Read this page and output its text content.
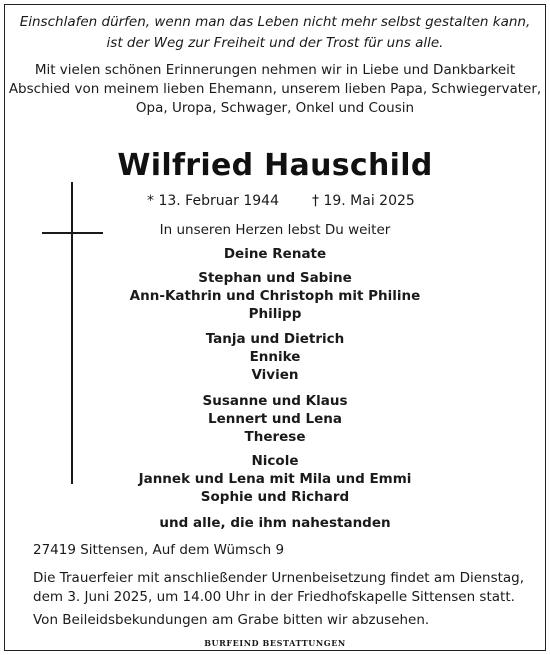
Einschlafen dürfen, wenn man das Leben nicht mehr selbst gestalten kann,
ist der Weg zur Freiheit und der Trost für uns alle.
Mit vielen schönen Erinnerungen nehmen wir in Liebe und Dankbarkeit
Abschied von meinem lieben Ehemann, unserem lieben Papa, Schwiegervater,
Opa, Uropa, Schwager, Onkel und Cousin
Wilfried Hauschild
* 13. Februar 1944 † 19. Mai 2025
In unseren Herzen lebst Du weiter
Deine Renate
Stephan und Sabine
Ann-Kathrin und Christoph mit Philine
Philipp
Tanja und Dietrich
Ennike
Vivien
Susanne und Klaus
Lennert und Lena
Therese
Nicole
Jannek und Lena mit Mila und Emmi
Sophie und Richard
und alle, die ihm nahestanden
27419 Sittensen, Auf dem Wümsch 9
Die Trauerfeier mit anschließender Urnenbeisetzung findet am Dienstag,
dem 3. Juni 2025, um 14.00 Uhr in der Friedhofskapelle Sittensen statt.
Von Beileidsbekundungen am Grabe bitten wir abzusehen.
BURFEIND BESTATTUNGEN
